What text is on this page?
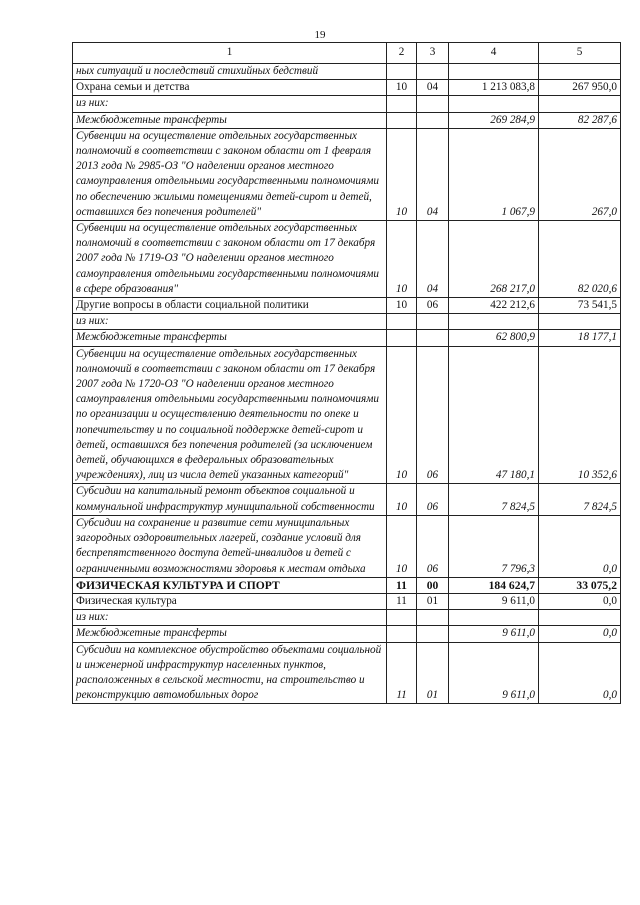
19
1	2	3	4	5
ных ситуаций и последствий стихийных бедствий				
Охрана семьи и детства	10	04	1 213 083,8	267 950,0
из них:				
Межбюджетные трансферты			269 284,9	82 287,6
Субвенции на осуществление отдельных государственных полномочий в соответствии с законом области от 1 февраля 2013 года № 2985-ОЗ "О наделении органов местного самоуправления отдельными государственными полномочиями по обеспечению жилыми помещениями детей-сирот и детей, оставшихся без попечения родителей"	10	04	1 067,9	267,0
Субвенции на осуществление отдельных государственных полномочий в соответствии с законом области от 17 декабря 2007 года № 1719-ОЗ "О наделении органов местного самоуправления отдельными государственными полномочиями в сфере образования"	10	04	268 217,0	82 020,6
Другие вопросы в области социальной политики	10	06	422 212,6	73 541,5
из них:				
Межбюджетные трансферты			62 800,9	18 177,1
Субвенции на осуществление отдельных государственных полномочий в соответствии с законом области от 17 декабря 2007 года № 1720-ОЗ "О наделении органов местного самоуправления отдельными государственными полномочиями по организации и осуществлению деятельности по опеке и попечительству и по социальной поддержке детей-сирот и детей, оставшихся без попечения родителей (за исключением детей, обучающихся в федеральных образовательных учреждениях), лиц из числа детей указанных категорий"	10	06	47 180,1	10 352,6
Субсидии на капитальный ремонт объектов социальной и коммунальной инфраструктур муниципальной собственности	10	06	7 824,5	7 824,5
Субсидии на сохранение и развитие сети муниципальных загородных оздоровительных лагерей, создание условий для беспрепятственного доступа детей-инвалидов и детей с ограниченными возможностями здоровья к местам отдыха	10	06	7 796,3	0,0
ФИЗИЧЕСКАЯ КУЛЬТУРА И СПОРТ	11	00	184 624,7	33 075,2
Физическая культура	11	01	9 611,0	0,0
из них:				
Межбюджетные трансферты			9 611,0	0,0
Субсидии на комплексное обустройство объектами социальной и инженерной инфраструктур населенных пунктов, расположенных в сельской местности, на строительство и реконструкцию автомобильных дорог	11	01	9 611,0	0,0
